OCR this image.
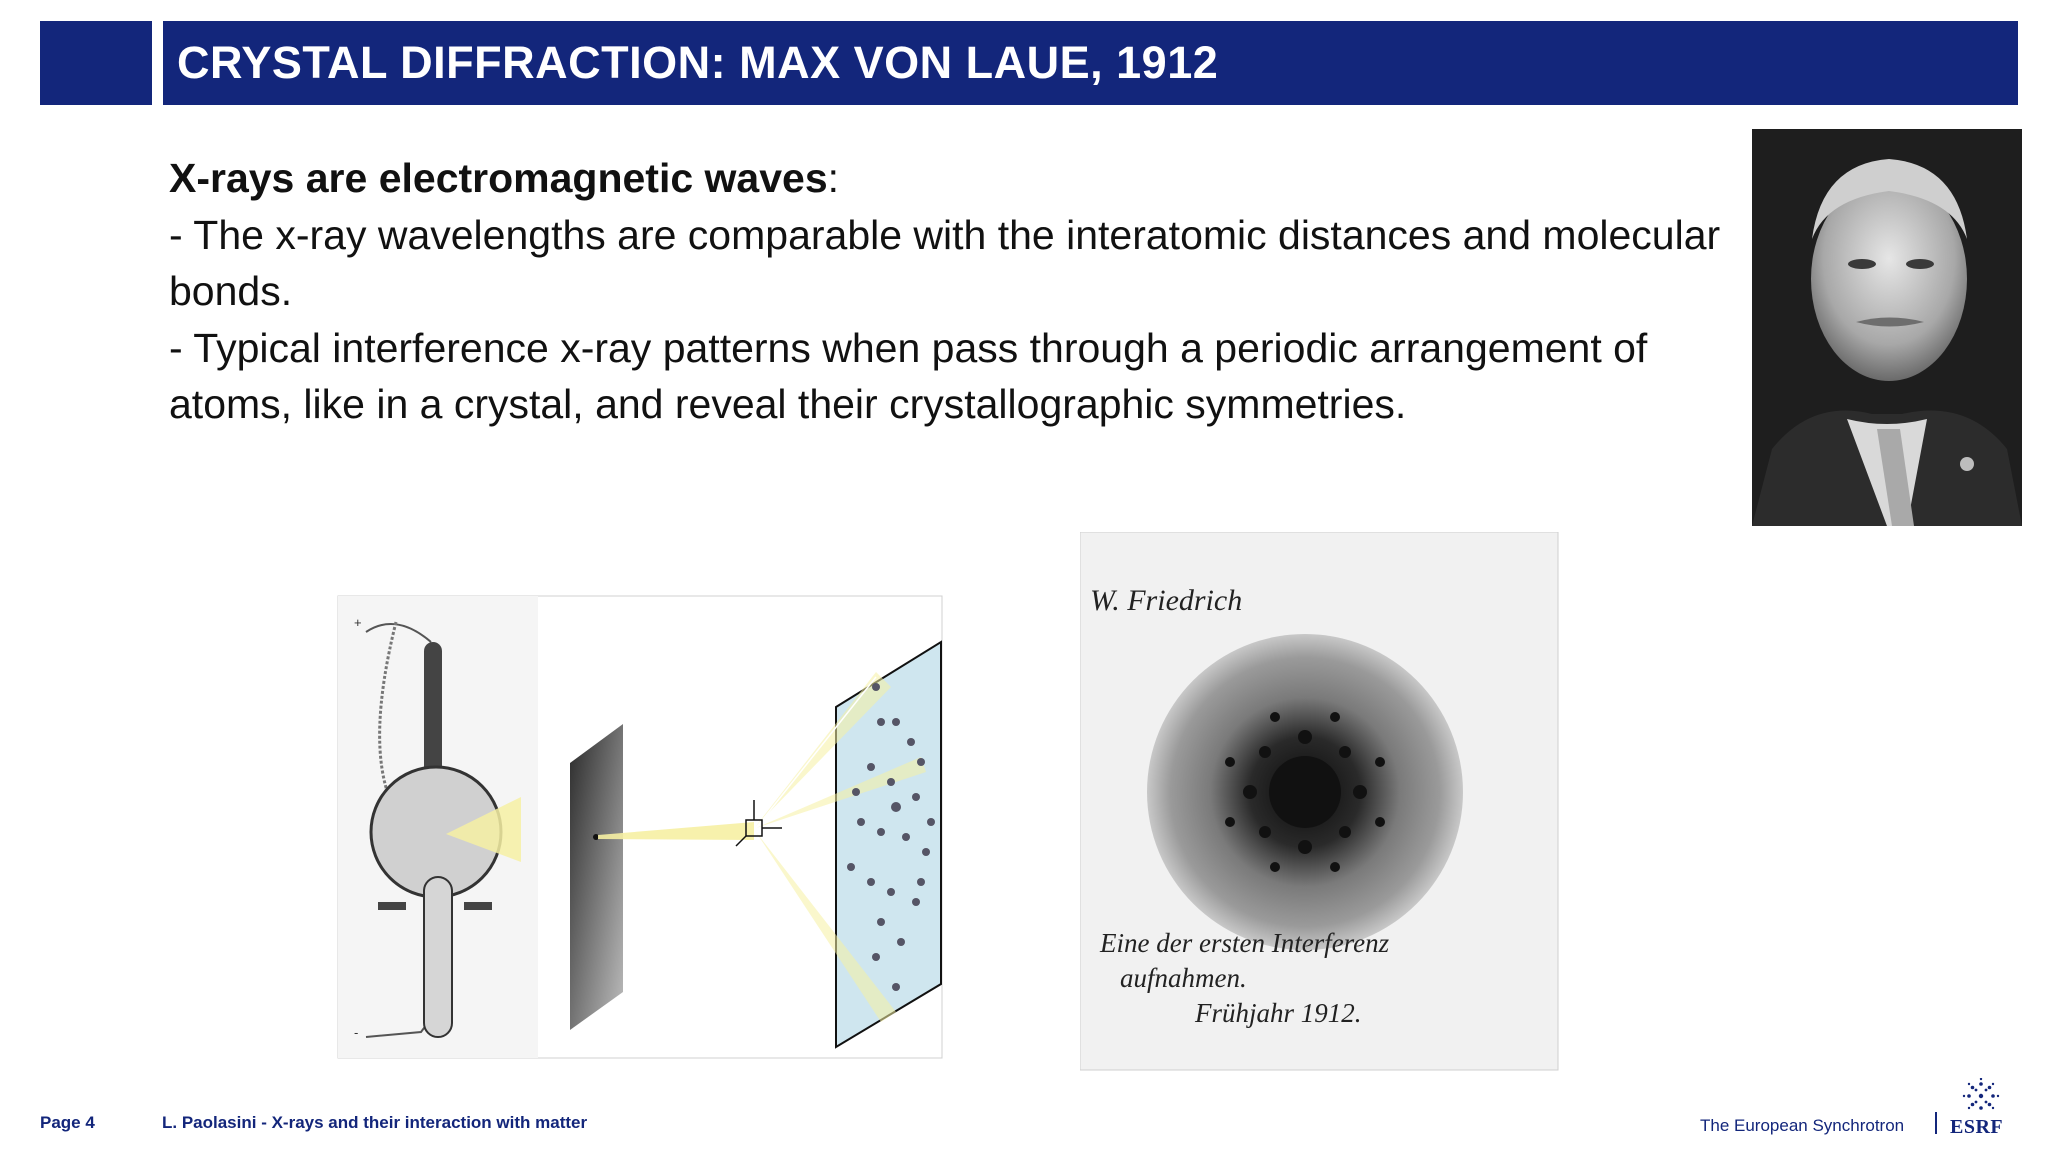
CRYSTAL DIFFRACTION: MAX VON LAUE, 1912

X-rays are electromagnetic waves:

- The x-ray wavelengths are comparable with the interatomic distances and molecular bonds.

- Typical interference x-ray patterns when pass through a periodic arrangement of atoms, like in a crystal, and reveal their crystallographic symmetries.

+
-
W. Friedrich
Eine der ersten Interferenz
aufnahmen.
Frühjahr 1912.
Page 4	L. Paolasini - X-rays and their interaction with matter	The European Synchrotron ESRF
